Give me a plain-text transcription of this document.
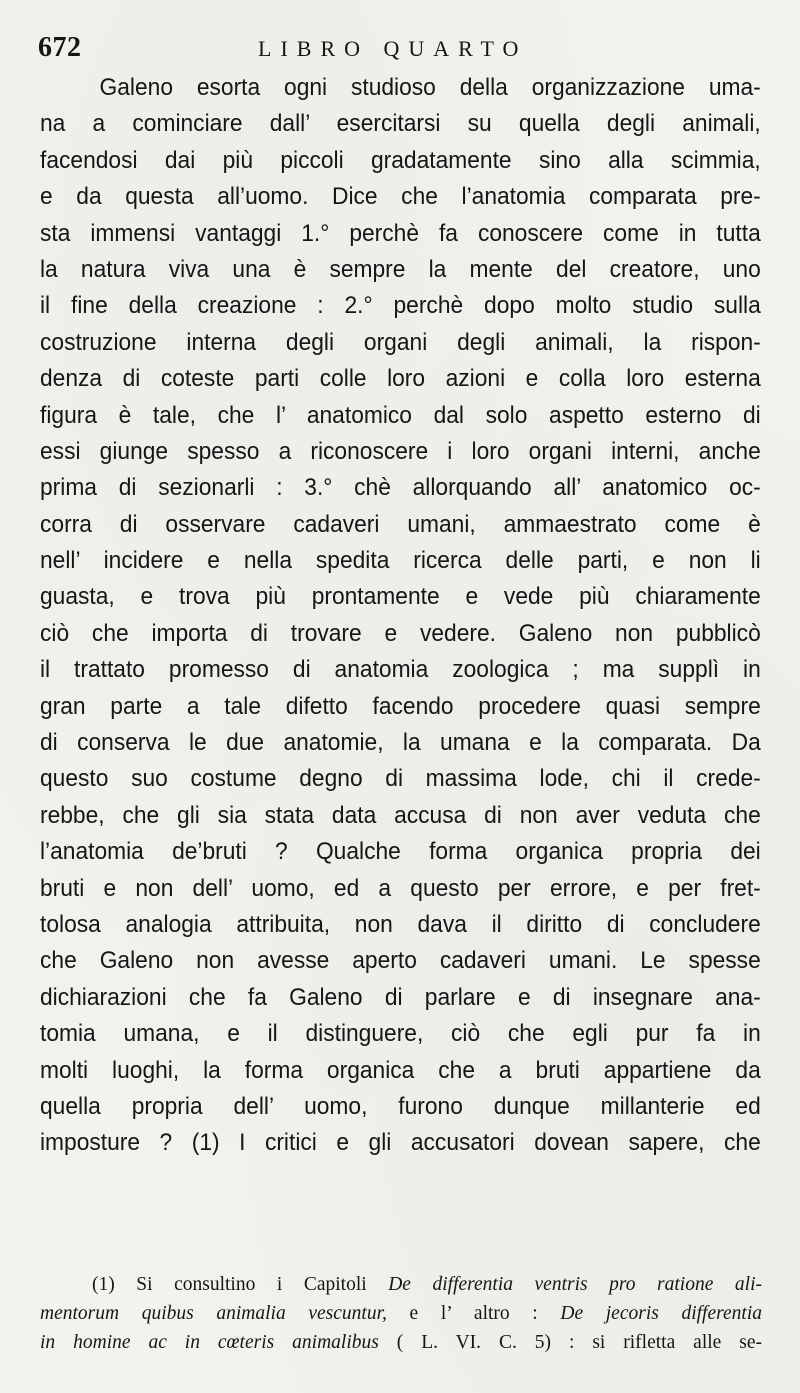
672	LIBRO QUARTO
Galeno esorta ogni studioso della organizzazione uma-
na a cominciare dall’ esercitarsi su quella degli animali,
facendosi dai più piccoli gradatamente sino alla scimmia,
e da questa all’uomo. Dice che l’anatomia comparata pre-
sta immensi vantaggi 1.° perchè fa conoscere come in tutta
la natura viva una è sempre la mente del creatore, uno
il fine della creazione : 2.° perchè dopo molto studio sulla
costruzione interna degli organi degli animali, la rispon-
denza di coteste parti colle loro azioni e colla loro esterna
figura è tale, che l’ anatomico dal solo aspetto esterno di
essi giunge spesso a riconoscere i loro organi interni, anche
prima di sezionarli : 3.° chè allorquando all’ anatomico oc-
corra di osservare cadaveri umani, ammaestrato come è
nell’ incidere e nella spedita ricerca delle parti, e non li
guasta, e trova più prontamente e vede più chiaramente
ciò che importa di trovare e vedere. Galeno non pubblicò
il trattato promesso di anatomia zoologica ; ma supplì in
gran parte a tale difetto facendo procedere quasi sempre
di conserva le due anatomie, la umana e la comparata. Da
questo suo costume degno di massima lode, chi il crede-
rebbe, che gli sia stata data accusa di non aver veduta che
l’anatomia de’bruti ? Qualche forma organica propria dei
bruti e non dell’ uomo, ed a questo per errore, e per fret-
tolosa analogia attribuita, non dava il diritto di concludere
che Galeno non avesse aperto cadaveri umani. Le spesse
dichiarazioni che fa Galeno di parlare e di insegnare ana-
tomia umana, e il distinguere, ciò che egli pur fa in
molti luoghi, la forma organica che a bruti appartiene da
quella propria dell’ uomo, furono dunque millanterie ed
imposture ? (1) I critici e gli accusatori dovean sapere, che
(1) Si consultino i Capitoli De differentia ventris pro ratione ali-
mentorum quibus animalia vescuntur, e l’ altro : De jecoris differentia
in homine ac in cœteris animalibus ( L. VI. C. 5) : si rifletta alle se-
